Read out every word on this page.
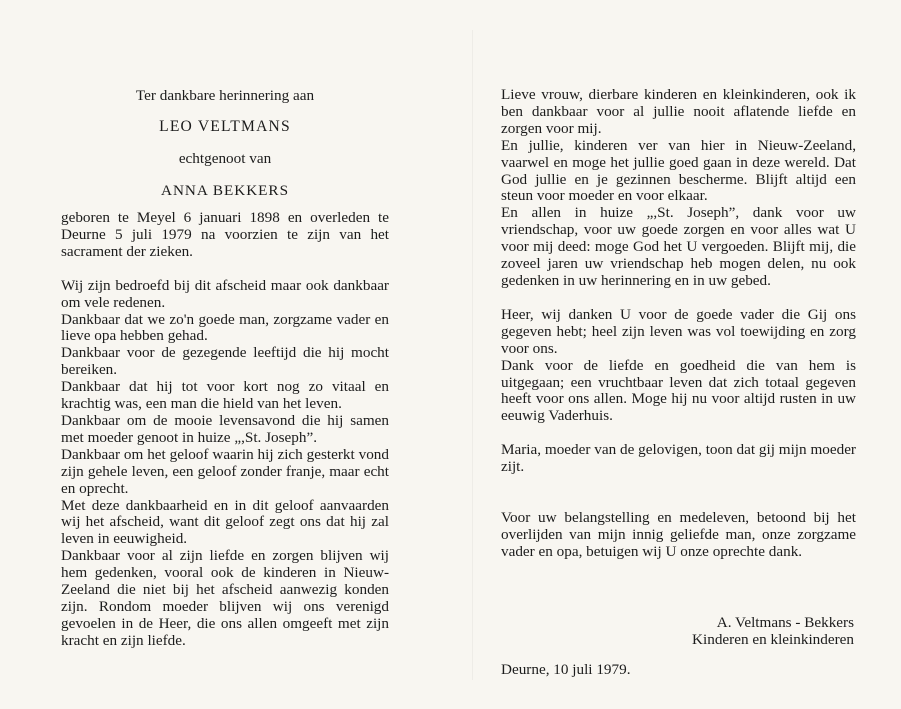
Ter dankbare herinnering aan
LEO VELTMANS
echtgenoot van
ANNA BEKKERS

geboren te Meyel 6 januari 1898 en overleden te Deurne 5 juli 1979 na voorzien te zijn van het sacrament der zieken.

Wij zijn bedroefd bij dit afscheid maar ook dankbaar om vele redenen.

Dankbaar dat we zo'n goede man, zorgzame vader en lieve opa hebben gehad.

Dankbaar voor de gezegende leeftijd die hij mocht bereiken.

Dankbaar dat hij tot voor kort nog zo vitaal en krachtig was, een man die hield van het leven.

Dankbaar om de mooie levensavond die hij samen met moeder genoot in huize „,St. Joseph”.

Dankbaar om het geloof waarin hij zich gesterkt vond zijn gehele leven, een geloof zonder franje, maar echt en oprecht.

Met deze dankbaarheid en in dit geloof aanvaarden wij het afscheid, want dit geloof zegt ons dat hij zal leven in eeuwigheid.

Dankbaar voor al zijn liefde en zorgen blijven wij hem gedenken, vooral ook de kinderen in Nieuw-Zeeland die niet bij het afscheid aanwezig konden zijn. Rondom moeder blijven wij ons verenigd gevoelen in de Heer, die ons allen omgeeft met zijn kracht en zijn liefde.

Lieve vrouw, dierbare kinderen en kleinkinderen, ook ik ben dankbaar voor al jullie nooit aflatende liefde en zorgen voor mij.

En jullie, kinderen ver van hier in Nieuw-Zeeland, vaarwel en moge het jullie goed gaan in deze wereld. Dat God jullie en je gezinnen bescherme. Blijft altijd een steun voor moeder en voor elkaar.

En allen in huize „,St. Joseph”, dank voor uw vriendschap, voor uw goede zorgen en voor alles wat U voor mij deed: moge God het U vergoeden. Blijft mij, die zoveel jaren uw vriendschap heb mogen delen, nu ook gedenken in uw herinnering en in uw gebed.

Heer, wij danken U voor de goede vader die Gij ons gegeven hebt; heel zijn leven was vol toewijding en zorg voor ons.

Dank voor de liefde en goedheid die van hem is uitgegaan; een vruchtbaar leven dat zich totaal gegeven heeft voor ons allen. Moge hij nu voor altijd rusten in uw eeuwig Vaderhuis.

Maria, moeder van de gelovigen, toon dat gij mijn moeder zijt.

Voor uw belangstelling en medeleven, betoond bij het overlijden van mijn innig geliefde man, onze zorgzame vader en opa, betuigen wij U onze oprechte dank.

A. Veltmans - Bekkers
Kinderen en kleinkinderen
Deurne, 10 juli 1979.
